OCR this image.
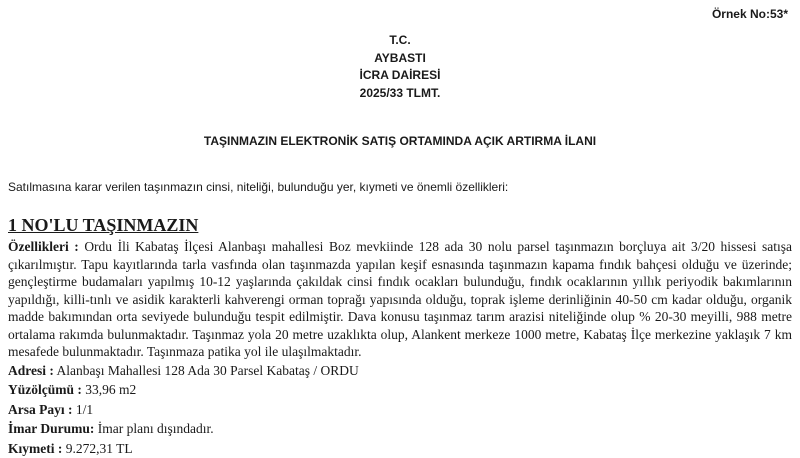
Örnek No:53*
T.C.
AYBASTI
İCRA DAİRESİ
2025/33 TLMT.
TAŞINMAZIN ELEKTRONİK SATIŞ ORTAMINDA AÇIK ARTIRMA İLANI
Satılmasına karar verilen taşınmazın cinsi, niteliği, bulunduğu yer, kıymeti ve önemli özellikleri:
1 NO'LU TAŞINMAZIN

Özellikleri : Ordu İli Kabataş İlçesi Alanbaşı mahallesi Boz mevkiinde 128 ada 30 nolu parsel taşınmazın borçluya ait 3/20 hissesi satışa çıkarılmıştır. Tapu kayıtlarında tarla vasfında olan taşınmazda yapılan keşif esnasında taşınmazın kapama fındık bahçesi olduğu ve üzerinde; gençleştirme budamaları yapılmış 10-12 yaşlarında çakıldak cinsi fındık ocakları bulunduğu, fındık ocaklarının yıllık periyodik bakımlarının yapıldığı, killi-tınlı ve asidik karakterli kahverengi orman toprağı yapısında olduğu, toprak işleme derinliğinin 40-50 cm kadar olduğu, organik madde bakımından orta seviyede bulunduğu tespit edilmiştir. Dava konusu taşınmaz tarım arazisi niteliğinde olup % 20-30 meyilli, 988 metre ortalama rakımda bulunmaktadır. Taşınmaz yola 20 metre uzaklıkta olup, Alankent merkeze 1000 metre, Kabataş İlçe merkezine yaklaşık 7 km mesafede bulunmaktadır. Taşınmaza patika yol ile ulaşılmaktadır.

Adresi : Alanbaşı Mahallesi 128 Ada 30 Parsel Kabataş / ORDU

Yüzölçümü : 33,96 m2

Arsa Payı : 1/1

İmar Durumu: İmar planı dışındadır.

Kıymeti : 9.272,31 TL
